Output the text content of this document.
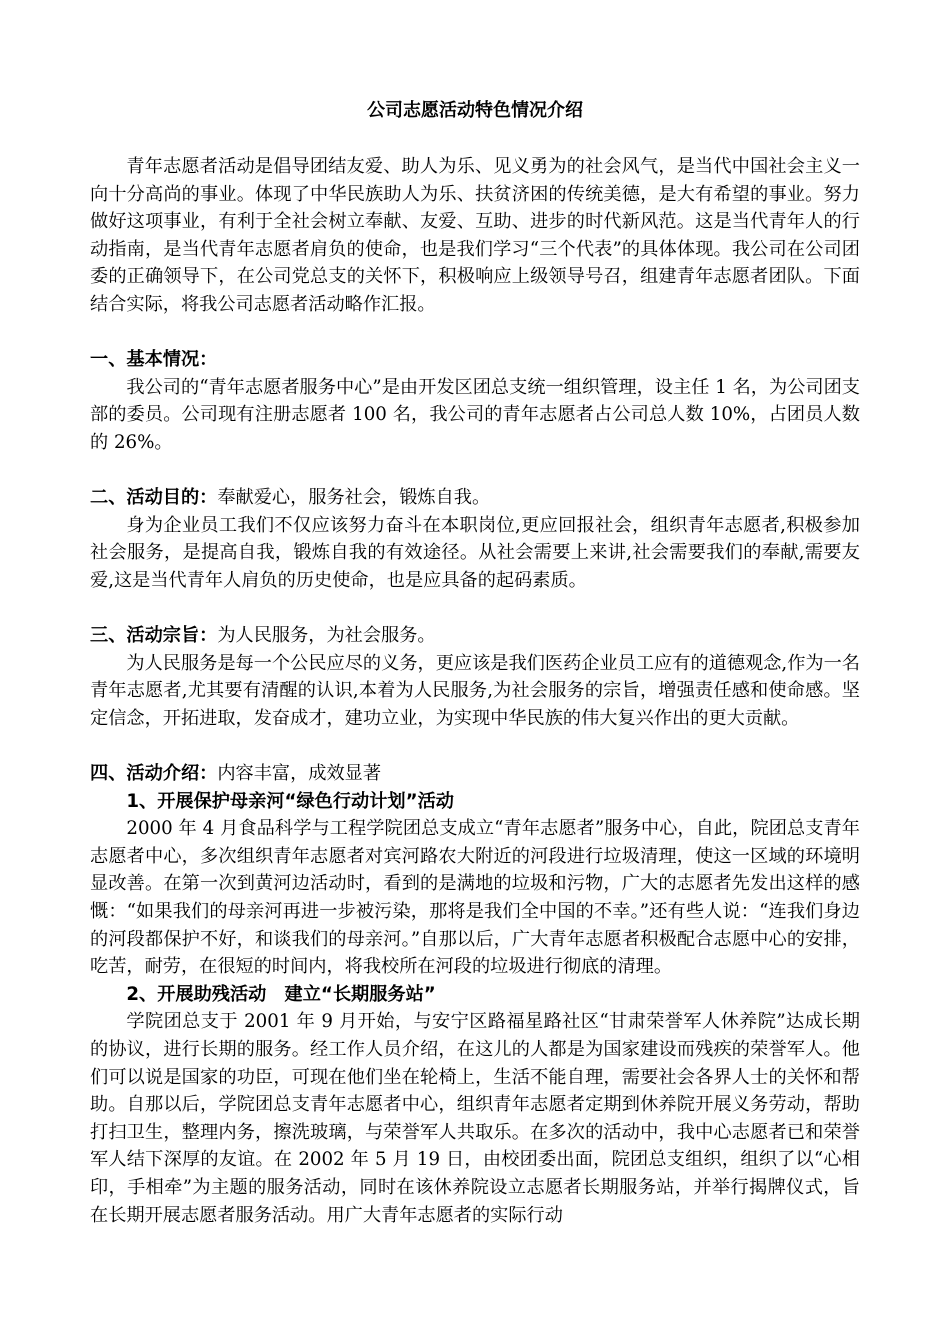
公司志愿活动特色情况介绍

青年志愿者活动是倡导团结友爱、助人为乐、见义勇为的社会风气，是当代中国社会主义一向十分高尚的事业。体现了中华民族助人为乐、扶贫济困的传统美德，是大有希望的事业。努力做好这项事业，有利于全社会树立奉献、友爱、互助、进步的时代新风范。这是当代青年人的行动指南，是当代青年志愿者肩负的使命，也是我们学习“三个代表”的具体体现。我公司在公司团委的正确领导下，在公司党总支的关怀下，积极响应上级领导号召，组建青年志愿者团队。下面结合实际，将我公司志愿者活动略作汇报。

一、基本情况：

我公司的“青年志愿者服务中心”是由开发区团总支统一组织管理，设主任 1 名，为公司团支部的委员。公司现有注册志愿者 100 名，我公司的青年志愿者占公司总人数 10%，占团员人数的 26%。

二、活动目的：奉献爱心，服务社会，锻炼自我。

身为企业员工我们不仅应该努力奋斗在本职岗位,更应回报社会，组织青年志愿者,积极参加社会服务，是提高自我，锻炼自我的有效途径。从社会需要上来讲,社会需要我们的奉献,需要友爱,这是当代青年人肩负的历史使命，也是应具备的起码素质。

三、活动宗旨：为人民服务，为社会服务。

为人民服务是每一个公民应尽的义务，更应该是我们医药企业员工应有的道德观念,作为一名青年志愿者,尤其要有清醒的认识,本着为人民服务,为社会服务的宗旨，增强责任感和使命感。坚定信念，开拓进取，发奋成才，建功立业，为实现中华民族的伟大复兴作出的更大贡献。

四、活动介绍：内容丰富，成效显著

1、开展保护母亲河“绿色行动计划”活动

2000 年 4 月食品科学与工程学院团总支成立“青年志愿者”服务中心，自此，院团总支青年志愿者中心，多次组织青年志愿者对宾河路农大附近的河段进行垃圾清理，使这一区域的环境明显改善。在第一次到黄河边活动时，看到的是满地的垃圾和污物，广大的志愿者先发出这样的感慨：“如果我们的母亲河再进一步被污染，那将是我们全中国的不幸。”还有些人说：“连我们身边的河段都保护不好，和谈我们的母亲河。”自那以后，广大青年志愿者积极配合志愿中心的安排，吃苦，耐劳，在很短的时间内，将我校所在河段的垃圾进行彻底的清理。

2、开展助残活动　建立“长期服务站”

学院团总支于 2001 年 9 月开始，与安宁区路福星路社区“甘肃荣誉军人休养院”达成长期的协议，进行长期的服务。经工作人员介绍，在这儿的人都是为国家建设而残疾的荣誉军人。他们可以说是国家的功臣，可现在他们坐在轮椅上，生活不能自理，需要社会各界人士的关怀和帮助。自那以后，学院团总支青年志愿者中心，组织青年志愿者定期到休养院开展义务劳动，帮助打扫卫生，整理内务，擦洗玻璃，与荣誉军人共取乐。在多次的活动中，我中心志愿者已和荣誉军人结下深厚的友谊。在 2002 年 5 月 19 日，由校团委出面，院团总支组织，组织了以“心相印，手相牵”为主题的服务活动，同时在该休养院设立志愿者长期服务站，并举行揭牌仪式，旨在长期开展志愿者服务活动。用广大青年志愿者的实际行动
